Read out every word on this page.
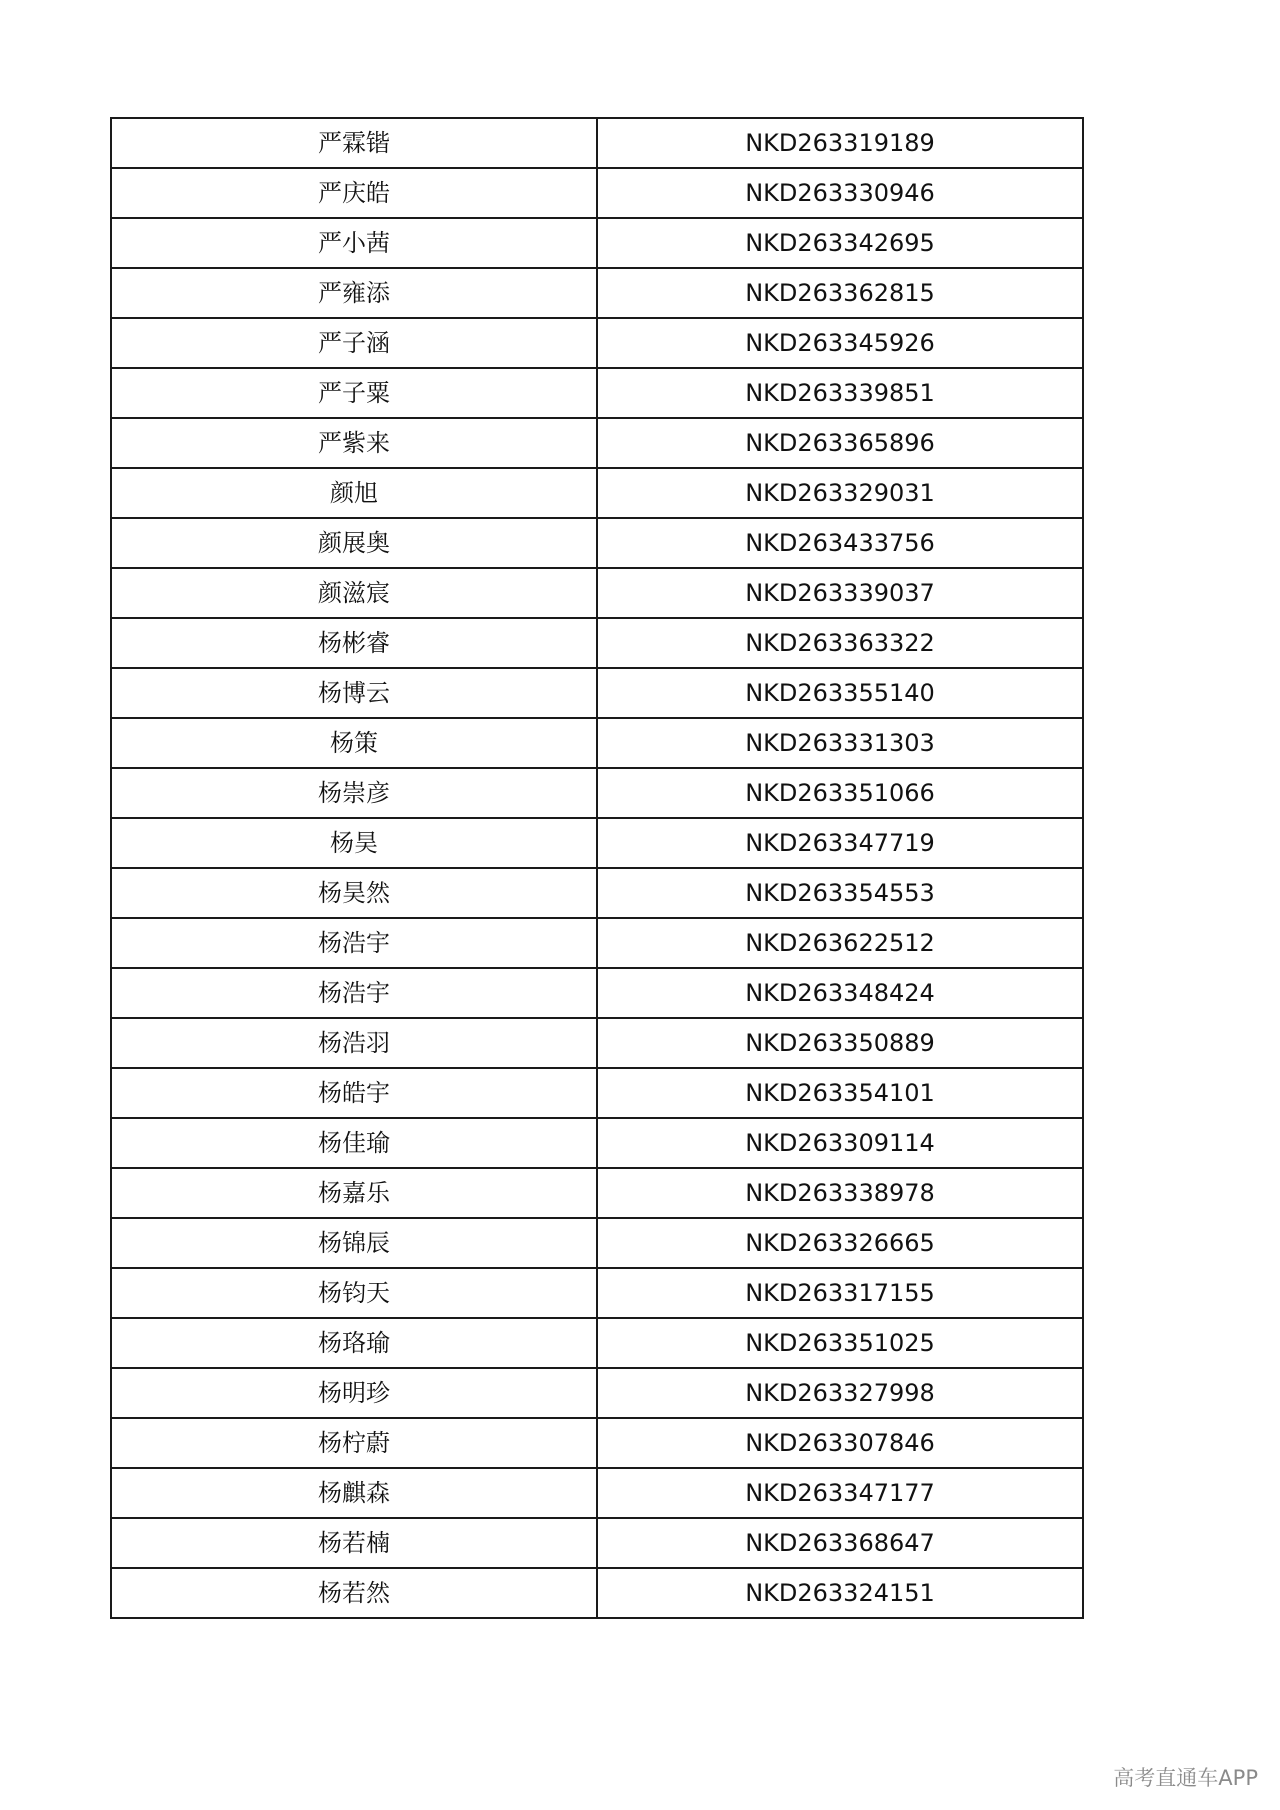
严霖锴	NKD263319189
严庆皓	NKD263330946
严小茜	NKD263342695
严雍添	NKD263362815
严子涵	NKD263345926
严子粟	NKD263339851
严紫来	NKD263365896
颜旭	NKD263329031
颜展奥	NKD263433756
颜滋宸	NKD263339037
杨彬睿	NKD263363322
杨博云	NKD263355140
杨策	NKD263331303
杨崇彦	NKD263351066
杨昊	NKD263347719
杨昊然	NKD263354553
杨浩宇	NKD263622512
杨浩宇	NKD263348424
杨浩羽	NKD263350889
杨皓宇	NKD263354101
杨佳瑜	NKD263309114
杨嘉乐	NKD263338978
杨锦辰	NKD263326665
杨钧天	NKD263317155
杨珞瑜	NKD263351025
杨明珍	NKD263327998
杨柠蔚	NKD263307846
杨麒森	NKD263347177
杨若楠	NKD263368647
杨若然	NKD263324151
高考直通车APP
